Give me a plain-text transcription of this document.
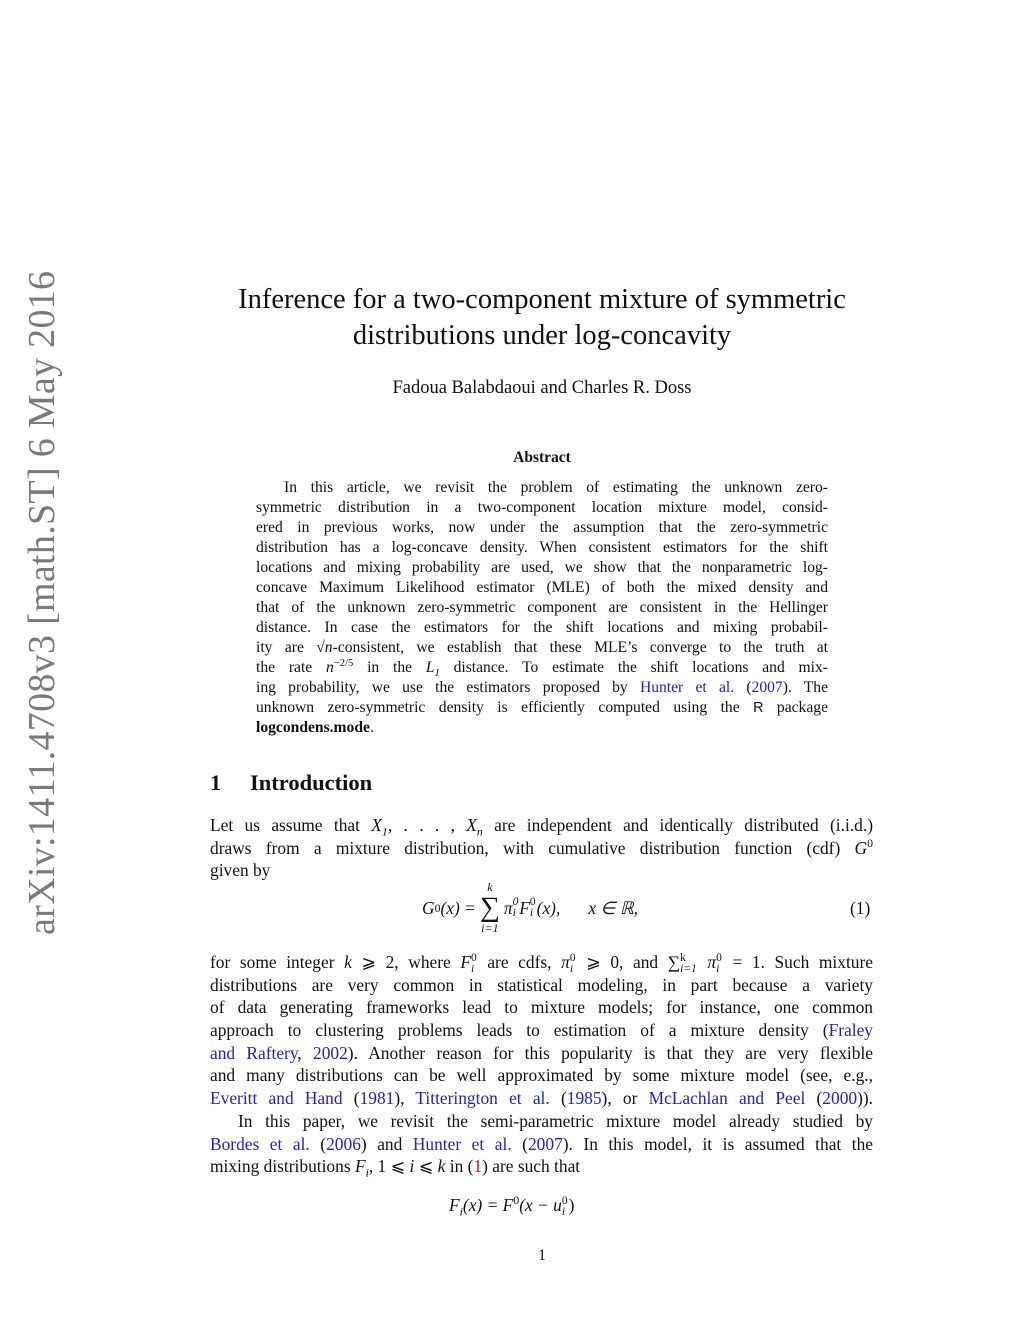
arXiv:1411.4708v3 [math.ST] 6 May 2016	Inference for a two-component mixture of symmetric
distributions under log-concavity
Fadoua Balabdaoui and Charles R. Doss
Abstract
In this article, we revisit the problem of estimating the unknown zero-
symmetric distribution in a two-component location mixture model, consid-
ered in previous works, now under the assumption that the zero-symmetric
distribution has a log-concave density. When consistent estimators for the shift
locations and mixing probability are used, we show that the nonparametric log-
concave Maximum Likelihood estimator (MLE) of both the mixed density and
that of the unknown zero-symmetric component are consistent in the Hellinger
distance. In case the estimators for the shift locations and mixing probabil-
ity are √n-consistent, we establish that these MLE’s converge to the truth at
the rate $n^{-2/5}$ in the $L_1$ distance. To estimate the shift locations and mix-
ing probability, we use the estimators proposed by Hunter et al. (2007). The
unknown zero-symmetric density is efficiently computed using the R package
logcondens.mode.
1 Introduction
Let us assume that $X_1$, . . . , $X_n$ are independent and identically distributed (i.i.d.)
draws from a mixture distribution, with cumulative distribution function (cdf) $G^0$
given by
G 0 (x) =
k
∑
i=1
π 0
i F 0
i (x), x ∈ ℝ,	(1)
for some integer k ⩾ 2, where F 0
i are cdfs, π 0
i ⩾ 0, and ∑ k
i=1 π 0
i = 1. Such mixture
distributions are very common in statistical modeling, in part because a variety
of data generating frameworks lead to mixture models; for instance, one common
approach to clustering problems leads to estimation of a mixture density (Fraley
and Raftery, 2002). Another reason for this popularity is that they are very flexible
and many distributions can be well approximated by some mixture model (see, e.g.,
Everitt and Hand (1981), Titterington et al. (1985), or McLachlan and Peel (2000)).
In this paper, we revisit the semi-parametric mixture model already studied by
Bordes et al. (2006) and Hunter et al. (2007). In this model, it is assumed that the
mixing distributions $F_i$, 1 ⩽ i ⩽ k in (1) are such that
$F_i(x) = F^0(x - u$ 0
i )
1
